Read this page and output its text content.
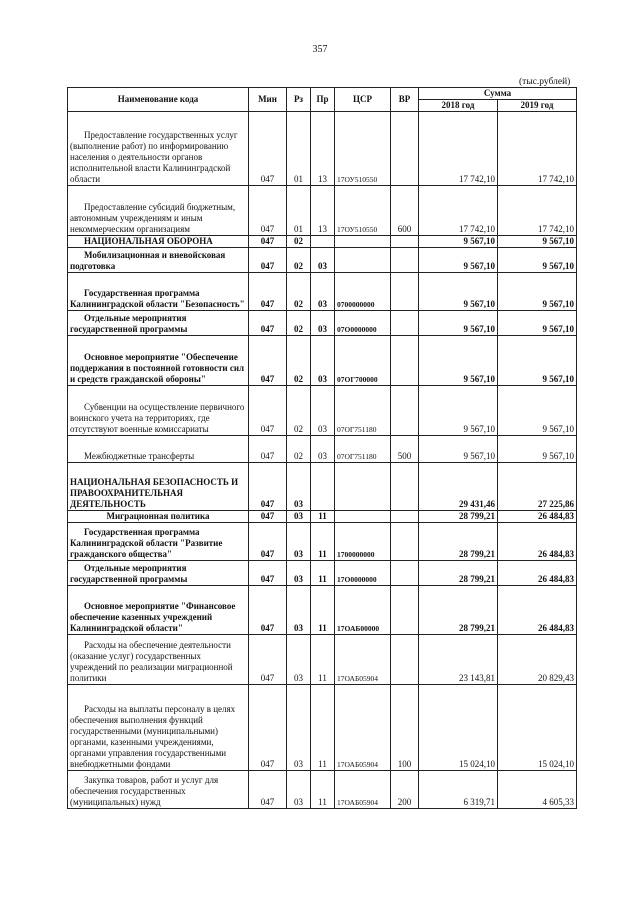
357
(тыс.рублей)
Наименование кода	Мин	Рз	Пр	ЦСР	ВР	Сумма	
						2018 год	2019 год

Предоставление государственных услуг (выполнение работ) по информированию населения о деятельности органов исполнительной власти Калининградской области	047	01	13	17ОУ510550		17 742,10	17 742,10

Предоставление субсидий бюджетным, автономным учреждениям и иным некоммерческим организациям	047	01	13	17ОУ510550	600	17 742,10	17 742,10

НАЦИОНАЛЬНАЯ ОБОРОНА	047	02				9 567,10	9 567,10

Мобилизационная и вневойсковая подготовка	047	02	03			9 567,10	9 567,10

Государственная программа Калининградской области "Безопасность"	047	02	03	0700000000		9 567,10	9 567,10

Отдельные мероприятия государственной программы	047	02	03	07О0000000		9 567,10	9 567,10

Основное мероприятие "Обеспечение поддержания в постоянной готовности сил и средств гражданской обороны"	047	02	03	07ОГ700000		9 567,10	9 567,10

Субвенции на осуществление первичного воинского учета на территориях, где отсутствуют военные комиссариаты	047	02	03	07ОГ751180		9 567,10	9 567,10

Межбюджетные трансферты	047	02	03	07ОГ751180	500	9 567,10	9 567,10
НАЦИОНАЛЬНАЯ БЕЗОПАСНОСТЬ И ПРАВООХРАНИТЕЛЬНАЯ ДЕЯТЕЛЬНОСТЬ	047	03				29 431,46	27 225,86

Миграционная политика	047	03	11			28 799,21	26 484,83

Государственная программа Калининградской области "Развитие гражданского общества"	047	03	11	1700000000		28 799,21	26 484,83

Отдельные мероприятия государственной программы	047	03	11	17О0000000		28 799,21	26 484,83

Основное мероприятие "Финансовое обеспечение казенных учреждений Калининградской области"	047	03	11	17ОАБ00000		28 799,21	26 484,83

Расходы на обеспечение деятельности (оказание услуг) государственных учреждений по реализации миграционной политики	047	03	11	17ОАБ05904		23 143,81	20 829,43

Расходы на выплаты персоналу в целях обеспечения выполнения функций государственными (муниципальными) органами, казенными учреждениями, органами управления государственными внебюджетными фондами	047	03	11	17ОАБ05904	100	15 024,10	15 024,10

Закупка товаров, работ и услуг для обеспечения государственных (муниципальных) нужд	047	03	11	17ОАБ05904	200	6 319,71	4 605,33
